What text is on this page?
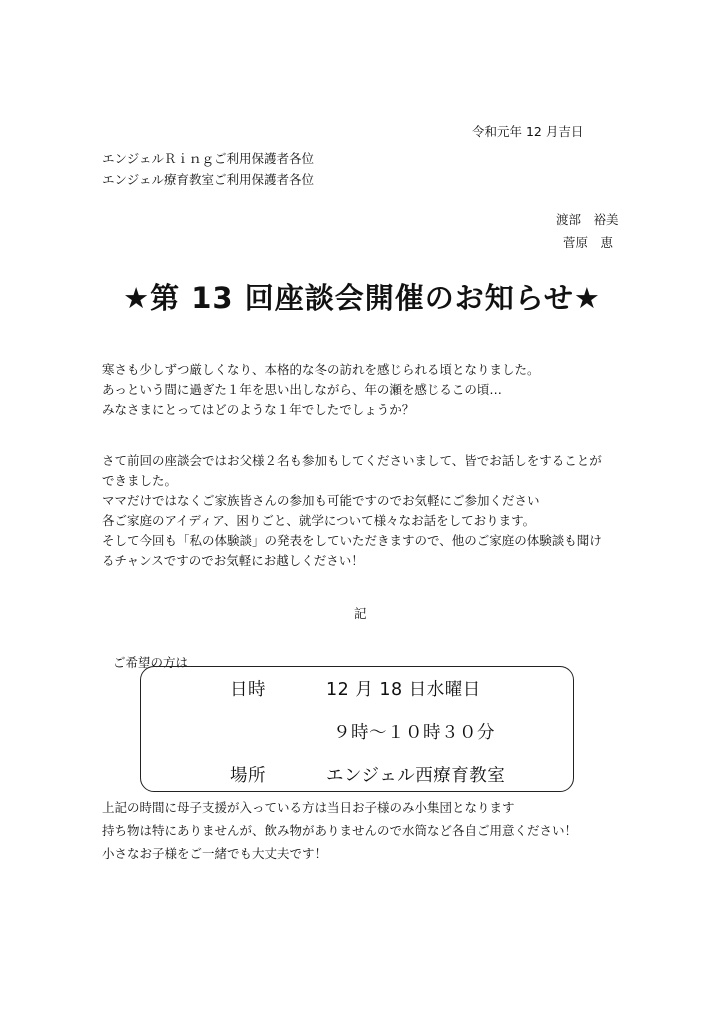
令和元年 12 月吉日
エンジェルＲｉｎｇご利用保護者各位
エンジェル療育教室ご利用保護者各位
渡部　裕美
菅原　恵
★第 13 回座談会開催のお知らせ★
寒さも少しずつ厳しくなり、本格的な冬の訪れを感じられる頃となりました。
あっという間に過ぎた１年を思い出しながら、年の瀬を感じるこの頃…
みなさまにとってはどのような１年でしたでしょうか？
さて前回の座談会ではお父様２名も参加もしてくださいまして、皆でお話しをすることが
できました。
ママだけではなくご家族皆さんの参加も可能ですのでお気軽にご参加ください
各ご家庭のアイディア、困りごと、就学について様々なお話をしております。
そして今回も「私の体験談」の発表をしていただきますので、他のご家庭の体験談も聞け
るチャンスですのでお気軽にお越しください！
記
ご希望の方は
日時	12 月 18 日水曜日
９時～１０時３０分
場所	エンジェル西療育教室
上記の時間に母子支援が入っている方は当日お子様のみ小集団となります
持ち物は特にありませんが、飲み物がありませんので水筒など各自ご用意ください！
小さなお子様をご一緒でも大丈夫です！
